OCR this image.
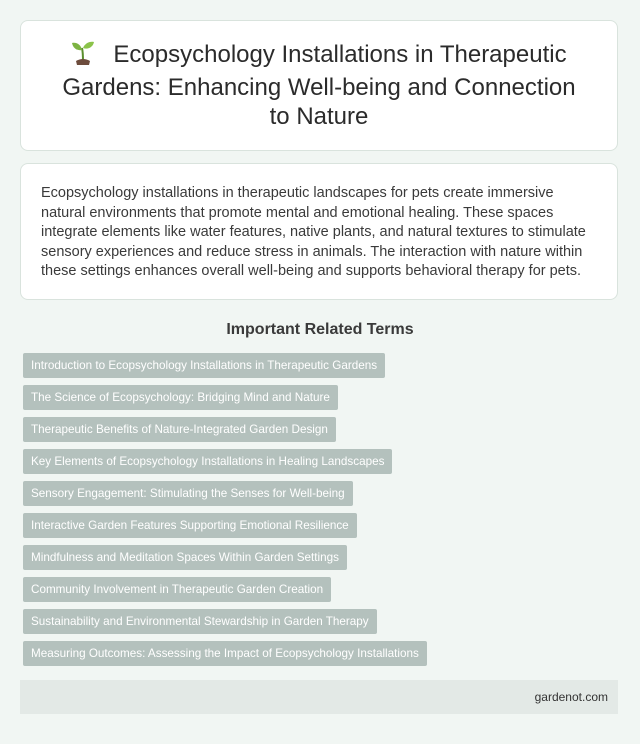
Ecopsychology Installations in Therapeutic Gardens: Enhancing Well-being and Connection to Nature

Ecopsychology installations in therapeutic landscapes for pets create immersive natural environments that promote mental and emotional healing. These spaces integrate elements like water features, native plants, and natural textures to stimulate sensory experiences and reduce stress in animals. The interaction with nature within these settings enhances overall well-being and supports behavioral therapy for pets.

Important Related Terms
Introduction to Ecopsychology Installations in Therapeutic Gardens
The Science of Ecopsychology: Bridging Mind and Nature
Therapeutic Benefits of Nature-Integrated Garden Design
Key Elements of Ecopsychology Installations in Healing Landscapes
Sensory Engagement: Stimulating the Senses for Well-being
Interactive Garden Features Supporting Emotional Resilience
Mindfulness and Meditation Spaces Within Garden Settings
Community Involvement in Therapeutic Garden Creation
Sustainability and Environmental Stewardship in Garden Therapy
Measuring Outcomes: Assessing the Impact of Ecopsychology Installations
gardenot.com
